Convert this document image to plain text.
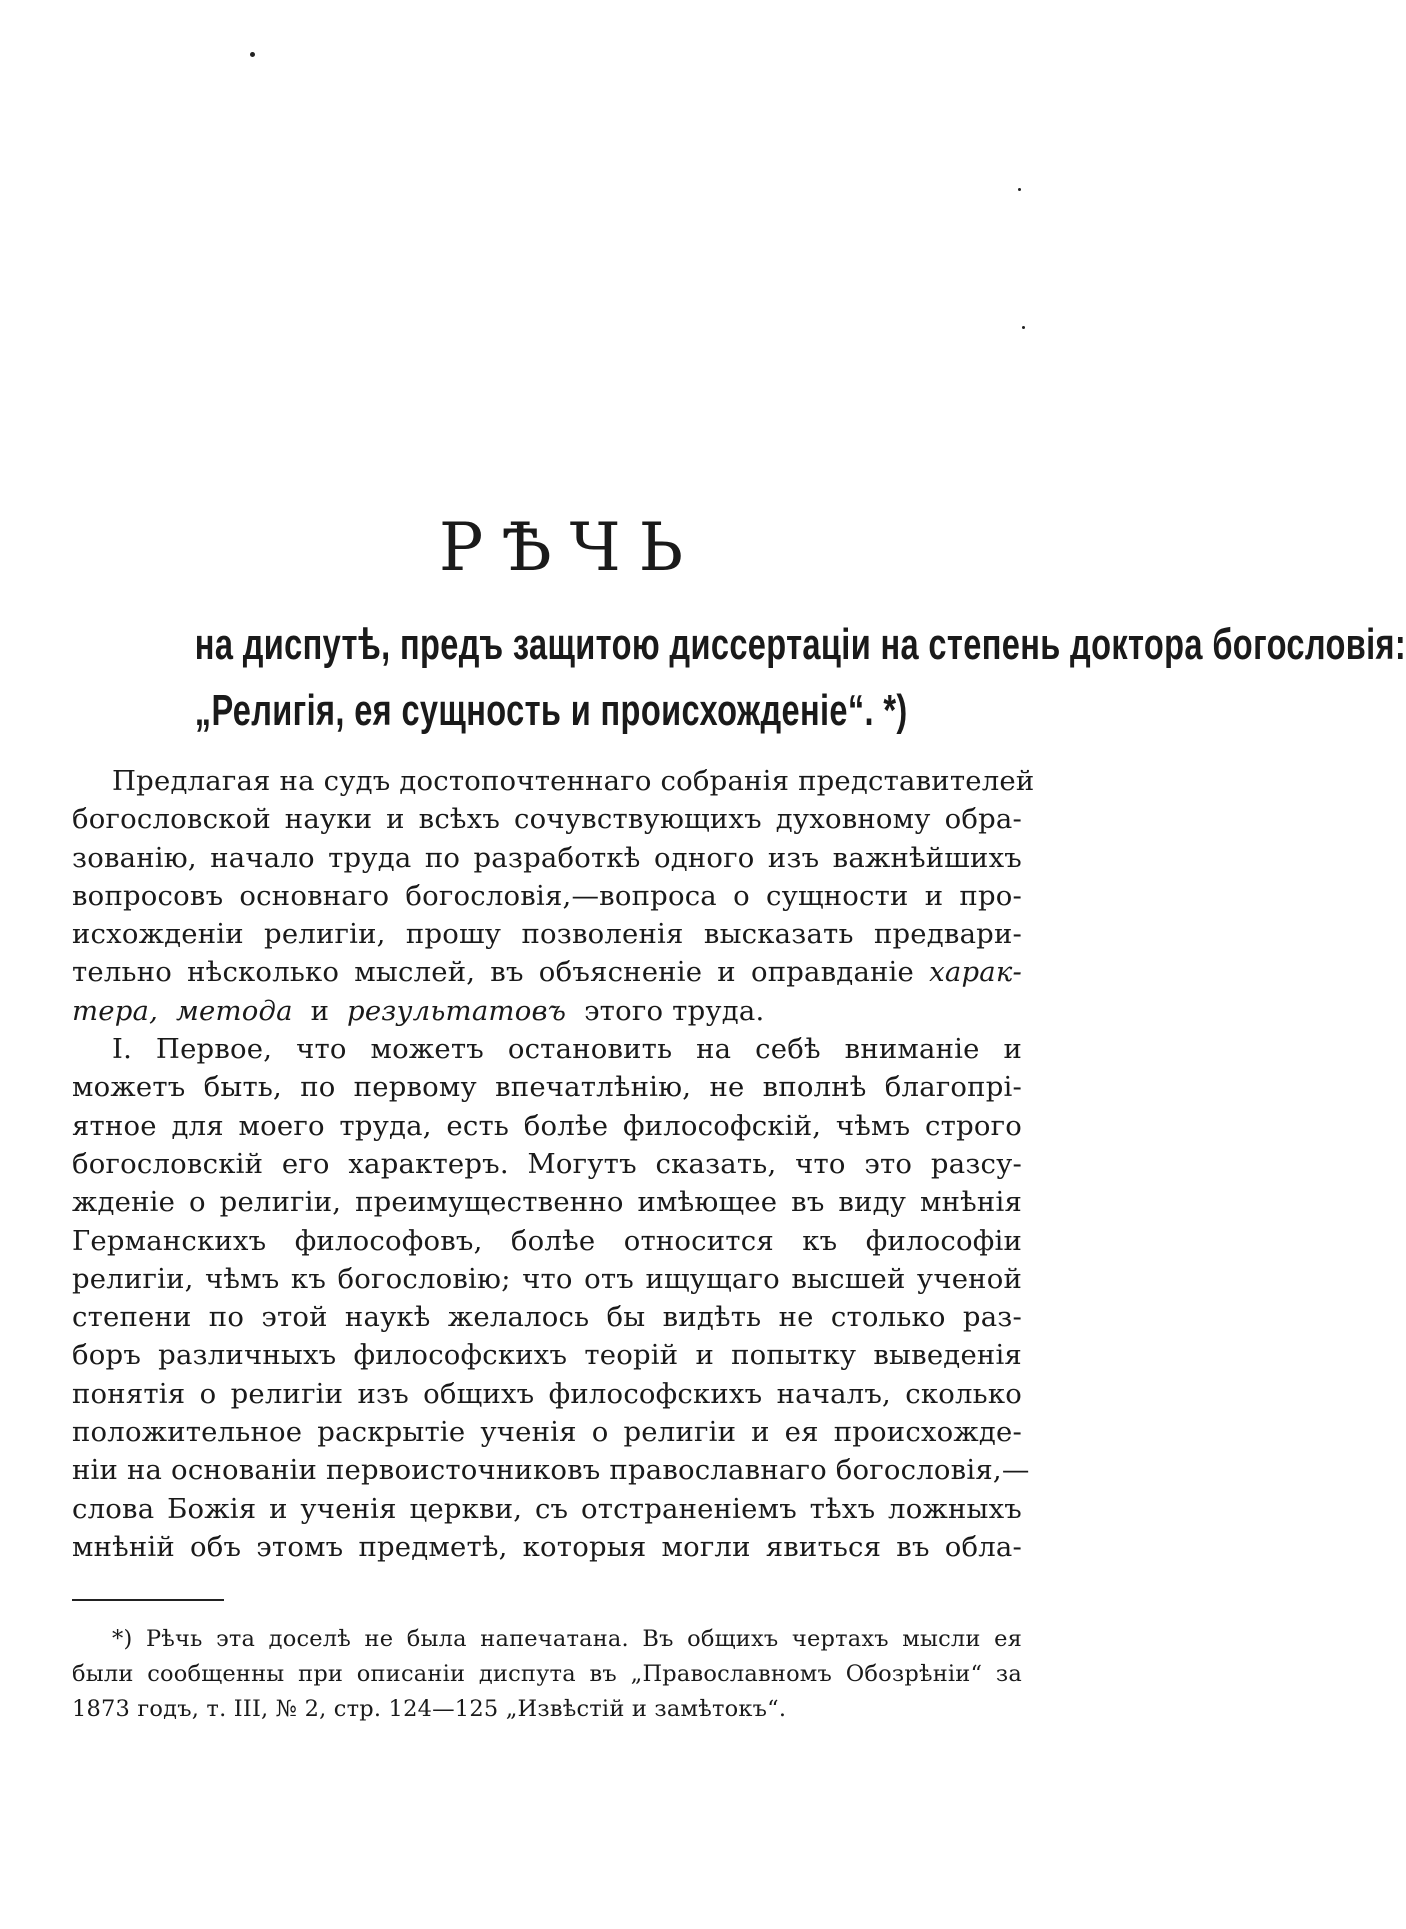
РѢЧЬ
на диспутѣ, предъ защитою диссертаціи на степень доктора богословія:
„Религія, ея сущность и происхожденіе“. *)
Предлагая на судъ достопочтеннаго собранія представителей
богословской науки и всѣхъ сочувствующихъ духовному обра-
зованію, начало труда по разработкѣ одного изъ важнѣйшихъ
вопросовъ основнаго богословія,—вопроса о сущности и про-
исхожденіи религіи, прошу позволенія высказать предвари-
тельно нѣсколько мыслей, въ объясненіе и оправданіе харак-
тера, метода и результатовъ этого труда.
I. Первое, что можетъ остановить на себѣ вниманіе и
можетъ быть, по первому впечатлѣнію, не вполнѣ благопрі-
ятное для моего труда, есть болѣе философскій, чѣмъ строго
богословскій его характеръ. Могутъ сказать, что это разсу-
жденіе о религіи, преимущественно имѣющее въ виду мнѣнія
Германскихъ философовъ, болѣе относится къ философіи
религіи, чѣмъ къ богословію; что отъ ищущаго высшей ученой
степени по этой наукѣ желалось бы видѣть не столько раз-
боръ различныхъ философскихъ теорій и попытку выведенія
понятія о религіи изъ общихъ философскихъ началъ, сколько
положительное раскрытіе ученія о религіи и ея происхожде-
ніи на основаніи первоисточниковъ православнаго богословія,—
слова Божія и ученія церкви, съ отстраненіемъ тѣхъ ложныхъ
мнѣній объ этомъ предметѣ, которыя могли явиться въ обла-
*) Рѣчь эта доселѣ не была напечатана. Въ общихъ чертахъ мысли ея
были сообщенны при описаніи диспута въ „Православномъ Обозрѣніи“ за
1873 годъ, т. III, № 2, стр. 124—125 „Извѣстій и замѣтокъ“.
